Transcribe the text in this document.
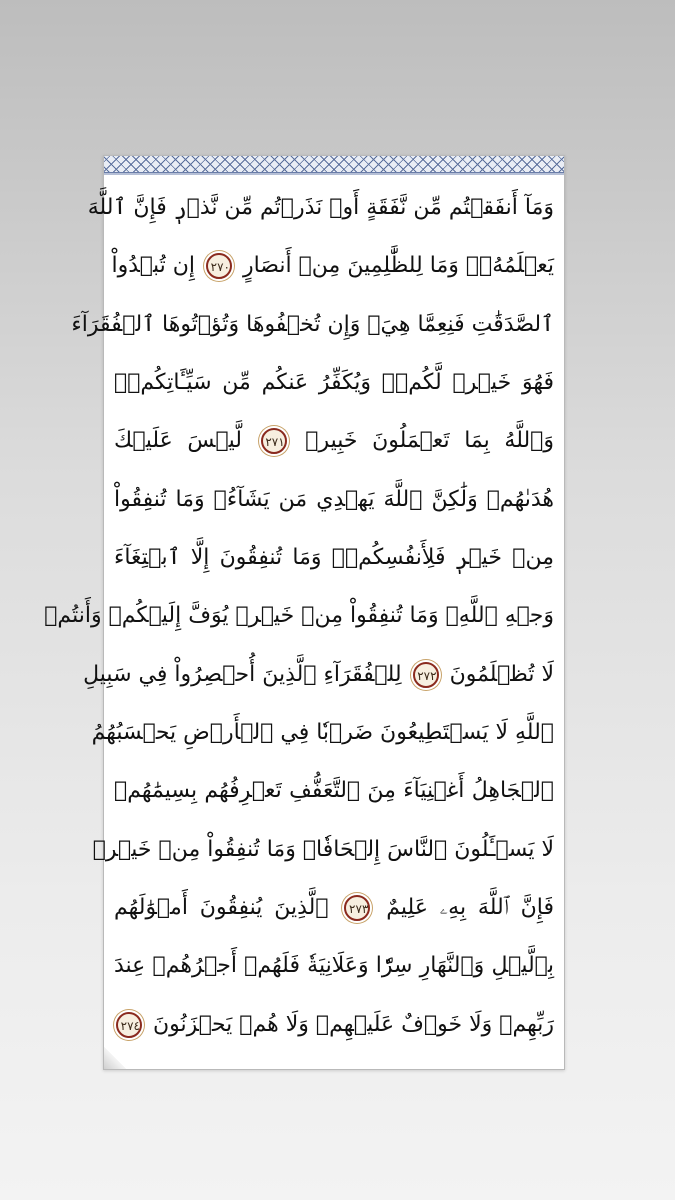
وَمَآ أَنفَقۡتُم مِّن نَّفَقَةٍ أَوۡ نَذَرۡتُم مِّن نَّذۡرٖ فَإِنَّ ٱللَّهَ
يَعۡلَمُهُۥۗ وَمَا لِلظَّٰلِمِينَ مِنۡ أَنصَارٍ ٢٧٠ إِن تُبۡدُواْ
ٱلصَّدَقَٰتِ فَنِعِمَّا هِيَۖ وَإِن تُخۡفُوهَا وَتُؤۡتُوهَا ٱلۡفُقَرَآءَ
فَهُوَ خَيۡرٞ لَّكُمۡۚ وَيُكَفِّرُ عَنكُم مِّن سَيِّـَٔاتِكُمۡۗ
وَٱللَّهُ بِمَا تَعۡمَلُونَ خَبِيرٞ ٢٧١ لَّيۡسَ عَلَيۡكَ
هُدَىٰهُمۡ وَلَٰكِنَّ ٱللَّهَ يَهۡدِي مَن يَشَآءُۗ وَمَا تُنفِقُواْ
مِنۡ خَيۡرٖ فَلِأَنفُسِكُمۡۚ وَمَا تُنفِقُونَ إِلَّا ٱبۡتِغَآءَ
وَجۡهِ ٱللَّهِۚ وَمَا تُنفِقُواْ مِنۡ خَيۡرٖ يُوَفَّ إِلَيۡكُمۡ وَأَنتُمۡ
لَا تُظۡلَمُونَ ٢٧٢ لِلۡفُقَرَآءِ ٱلَّذِينَ أُحۡصِرُواْ فِي سَبِيلِ
ٱللَّهِ لَا يَسۡتَطِيعُونَ ضَرۡبٗا فِي ٱلۡأَرۡضِ يَحۡسَبُهُمُ
ٱلۡجَاهِلُ أَغۡنِيَآءَ مِنَ ٱلتَّعَفُّفِ تَعۡرِفُهُم بِسِيمَٰهُمۡ
لَا يَسۡـَٔلُونَ ٱلنَّاسَ إِلۡحَافٗاۗ وَمَا تُنفِقُواْ مِنۡ خَيۡرٖ
فَإِنَّ ٱللَّهَ بِهِۦ عَلِيمٌ ٢٧٣ ٱلَّذِينَ يُنفِقُونَ أَمۡوَٰلَهُم
بِٱلَّيۡلِ وَٱلنَّهَارِ سِرّٗا وَعَلَانِيَةٗ فَلَهُمۡ أَجۡرُهُمۡ عِندَ
رَبِّهِمۡ وَلَا خَوۡفٌ عَلَيۡهِمۡ وَلَا هُمۡ يَحۡزَنُونَ ٢٧٤
